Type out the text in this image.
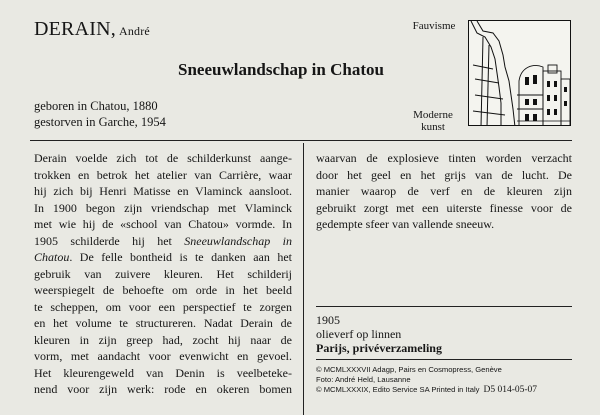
DERAIN, André
Sneeuwlandschap in Chatou
geboren in Chatou, 1880
gestorven in Garche, 1954
Fauvisme
Moderne
kunst
Derain voelde zich tot de schilderkunst aange-
trokken en betrok het atelier van Carrière, waar
hij zich bij Henri Matisse en Vlaminck aansloot.
In 1900 begon zijn vriendschap met Vlaminck
met wie hij de «school van Chatou» vormde. In
1905 schilderde hij het Sneeuwlandschap in
Chatou. De felle bontheid is te danken aan het
gebruik van zuivere kleuren. Het schilderij
weerspiegelt de behoefte om orde in het beeld
te scheppen, om voor een perspectief te zorgen
en het volume te structureren. Nadat Derain de
kleuren in zijn greep had, zocht hij naar de
vorm, met aandacht voor evenwicht en gevoel.
Het kleurengeweld van Denin is veelbeteke-
nend voor zijn werk: rode en okeren bomen
waarvan de explosieve tinten worden verzacht
door het geel en het grijs van de lucht. De
manier waarop de verf en de kleuren zijn
gebruikt zorgt met een uiterste finesse voor de
gedempte sfeer van vallende sneeuw.
1905
olieverf op linnen
Parijs, privéverzameling
© MCMLXXXVII Adagp, Pairs en Cosmopress, Genève
Foto: André Held, Lausanne
© MCMLXXXIX, Edito Service SA Printed in Italy D5 014-05-07
